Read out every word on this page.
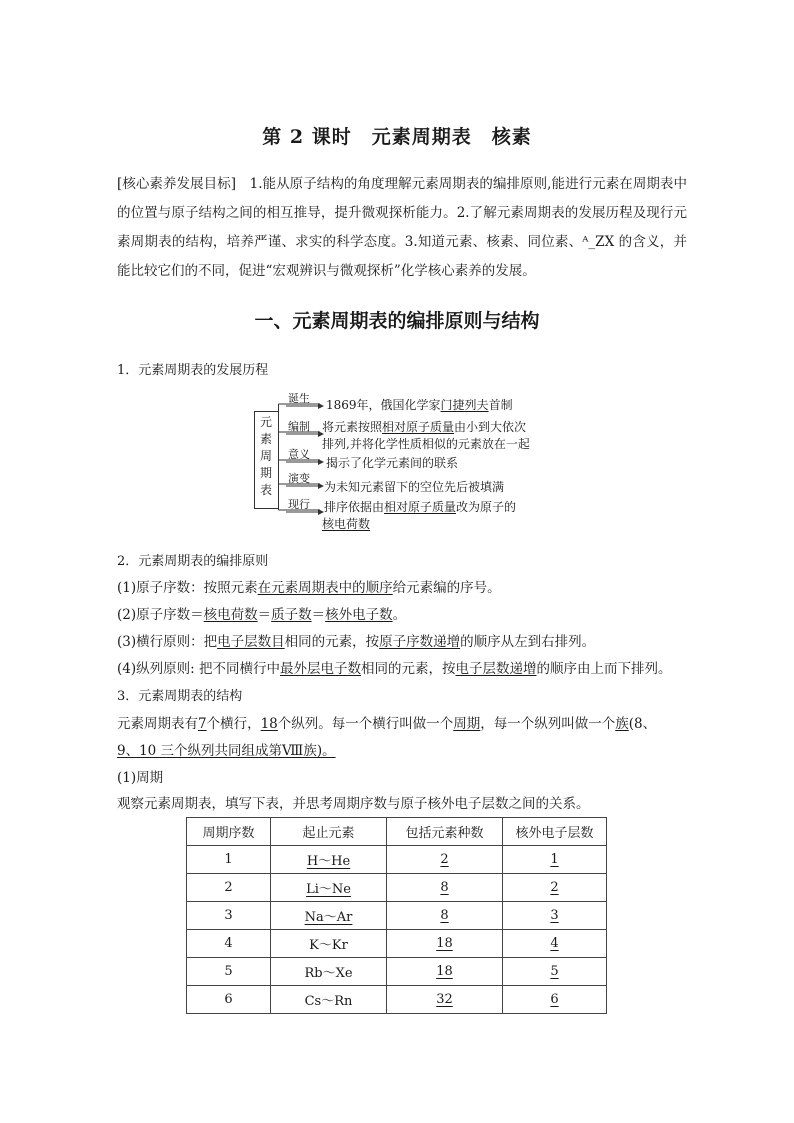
第 2 课时　元素周期表　核素
[核心素养发展目标]　1.能从原子结构的角度理解元素周期表的编排原则,能进行元素在周期表中的位置与原子结构之间的相互推导，提升微观探析能力。2.了解元素周期表的发展历程及现行元素周期表的结构，培养严谨、求实的科学态度。3.知道元素、核素、同位素、ᴬ_ZX 的含义，并能比较它们的不同，促进“宏观辨识与微观探析”化学核心素养的发展。
一、元素周期表的编排原则与结构
1．元素周期表的发展历程
元
素
周
期
表
诞生
编制
意义
演变
现行
1869年，俄国化学家门捷列夫首制
将元素按照相对原子质量由小到大依次
排列,并将化学性质相似的元素放在一起
揭示了化学元素间的联系
为未知元素留下的空位先后被填满
排序依据由相对原子质量改为原子的
核电荷数
2．元素周期表的编排原则
(1)原子序数：按照元素在元素周期表中的顺序给元素编的序号。
(2)原子序数＝核电荷数＝质子数＝核外电子数。
(3)横行原则：把电子层数目相同的元素，按原子序数递增的顺序从左到右排列。
(4)纵列原则: 把不同横行中最外层电子数相同的元素，按电子层数递增的顺序由上而下排列。
3．元素周期表的结构
元素周期表有7个横行，18个纵列。每一个横行叫做一个周期，每一个纵列叫做一个族(8、
9、10 三个纵列共同组成第Ⅷ族)。
(1)周期
观察元素周期表，填写下表，并思考周期序数与原子核外电子层数之间的关系。
周期序数	起止元素	包括元素种数	核外电子层数
1	H～He	2	1
2	Li～Ne	8	2
3	Na～Ar	8	3
4	K～Kr	18	4
5	Rb～Xe	18	5
6	Cs～Rn	32	6
